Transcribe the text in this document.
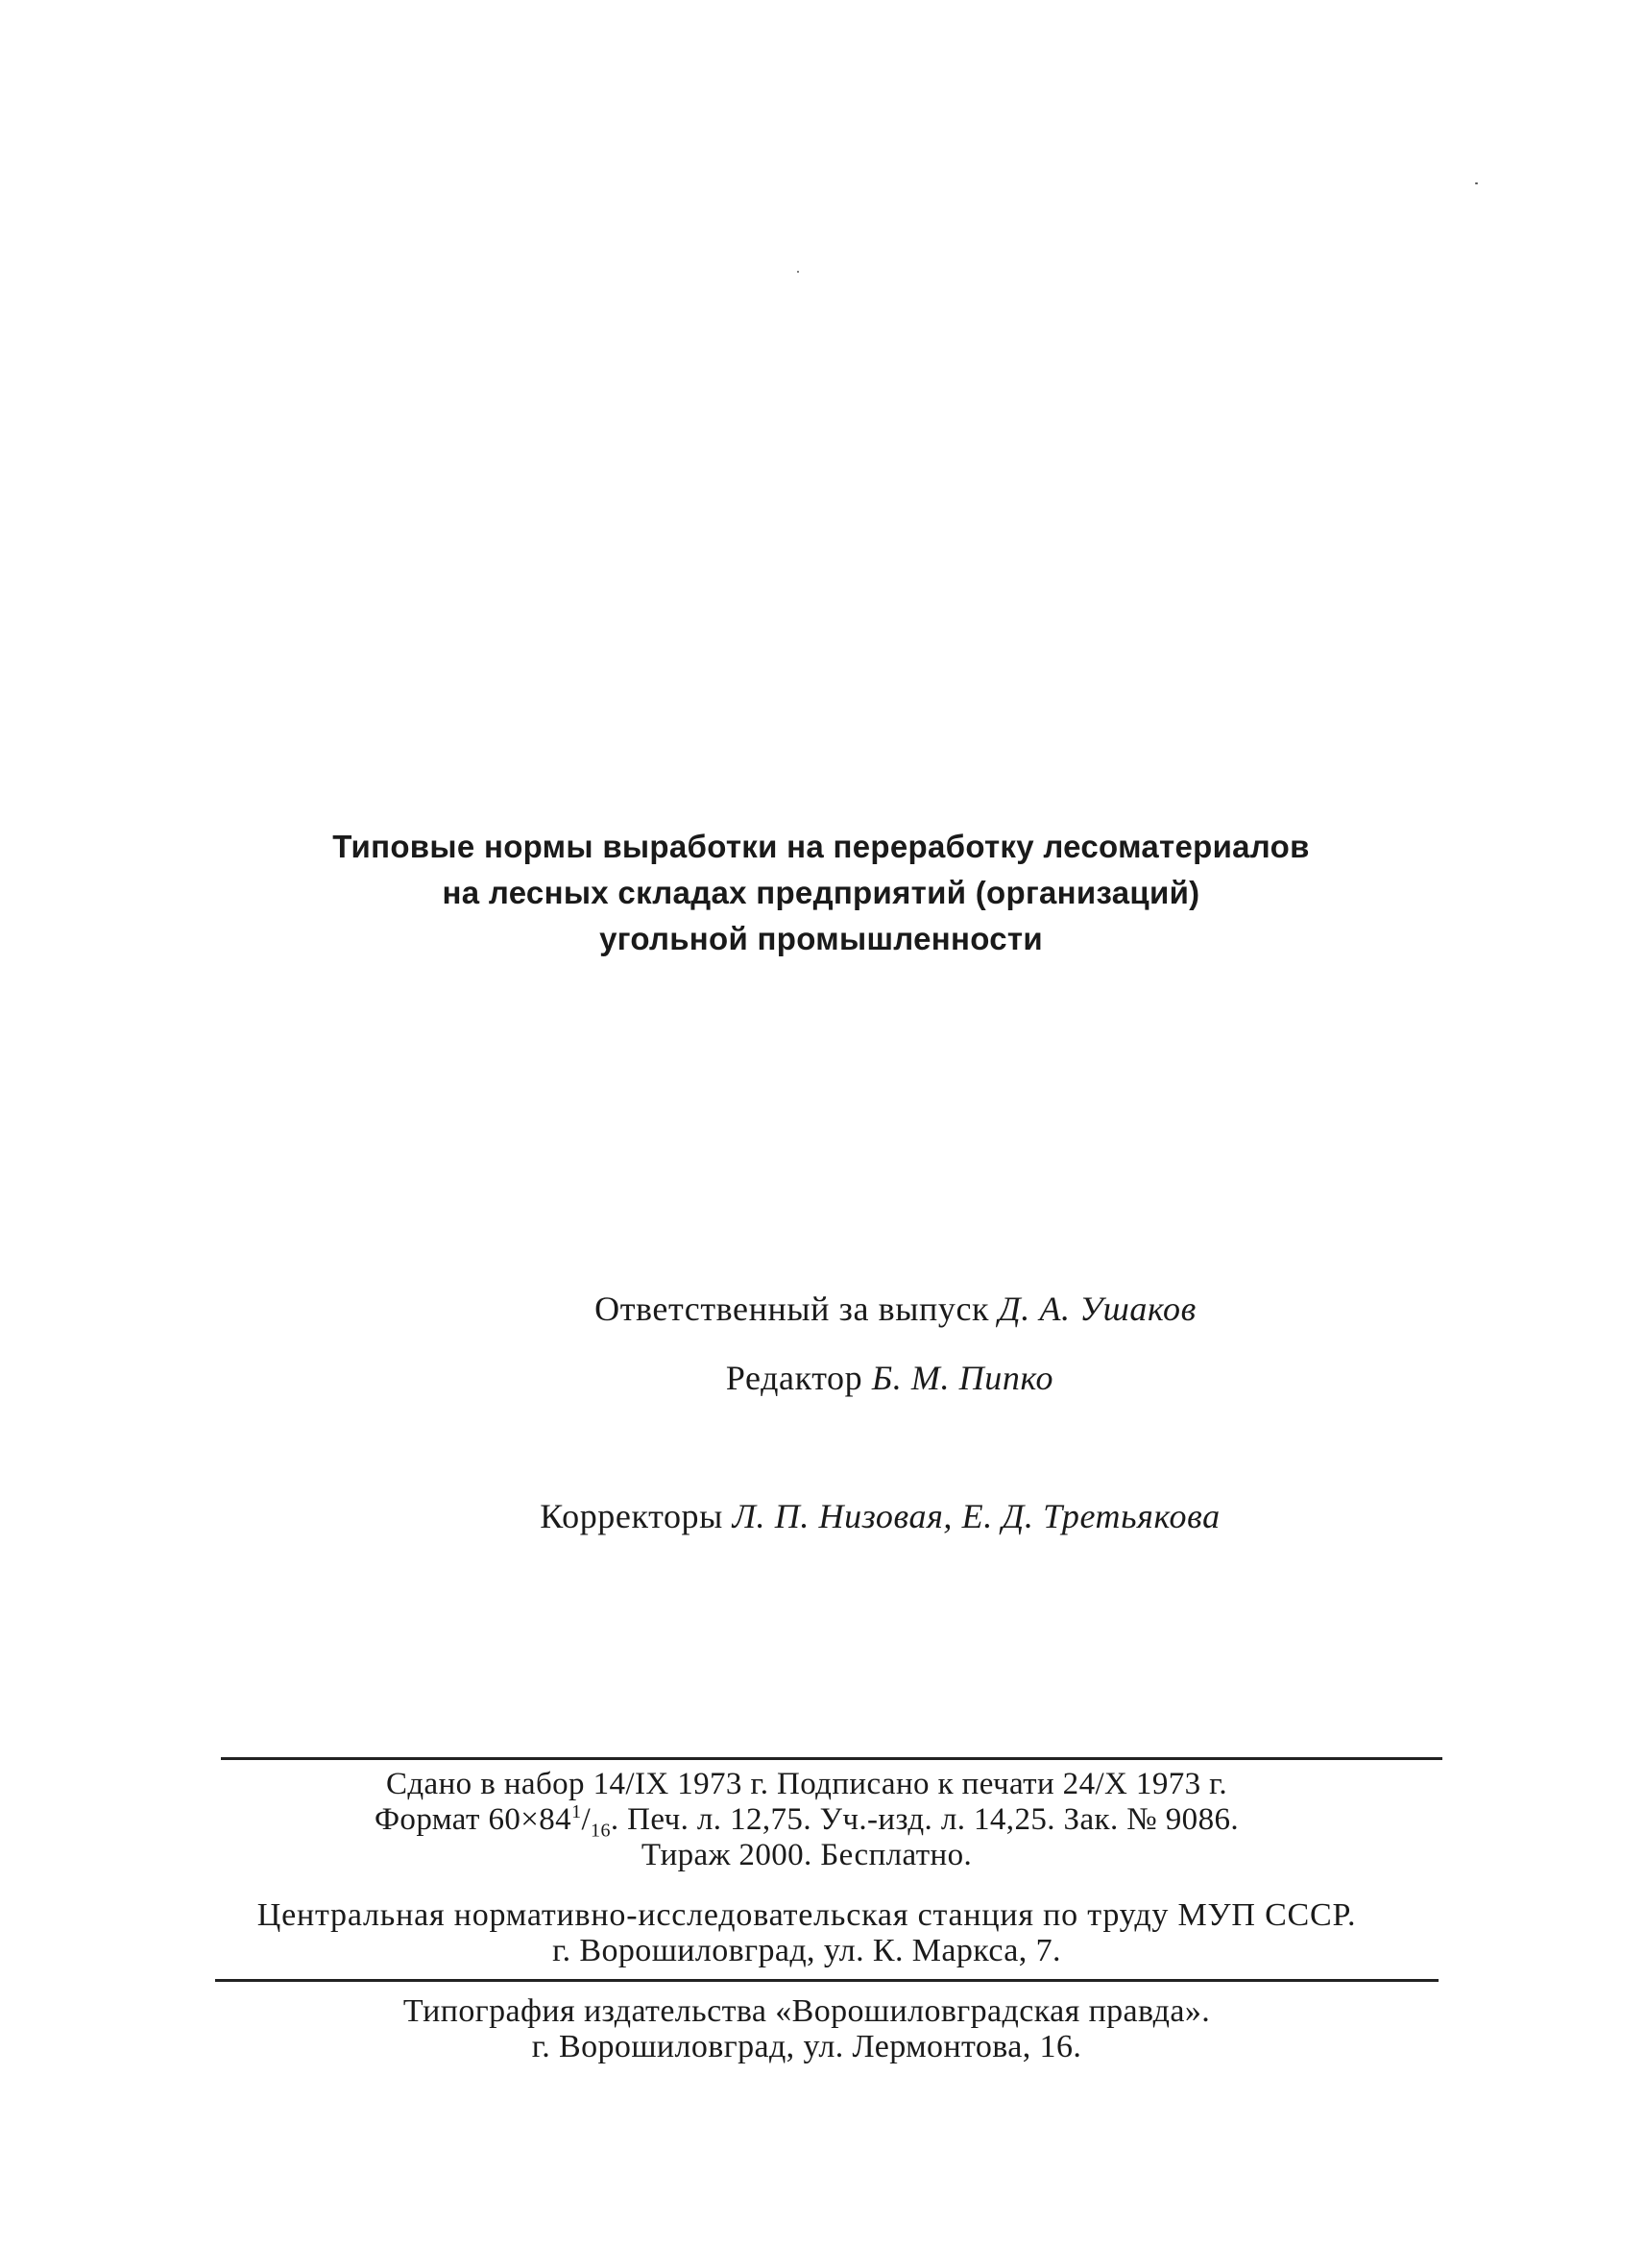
Типовые нормы выработки на переработку лесоматериалов
на лесных складах предприятий (организаций)
угольной промышленности
Ответственный за выпуск Д. А. Ушаков
Редактор Б. М. Пипко
Корректоры Л. П. Низовая, Е. Д. Третьякова
Сдано в набор 14/IX 1973 г. Подписано к печати 24/X 1973 г.
Формат $60\times 84^1/_{16}$. Печ. л. 12,75. Уч.-изд. л. 14,25. Зак. № 9086.
Тираж 2000. Бесплатно.
Центральная нормативно-исследовательская станция по труду МУП СССР.
г. Ворошиловград, ул. К. Маркса, 7.
Типография издательства «Ворошиловградская правда».
г. Ворошиловград, ул. Лермонтова, 16.
